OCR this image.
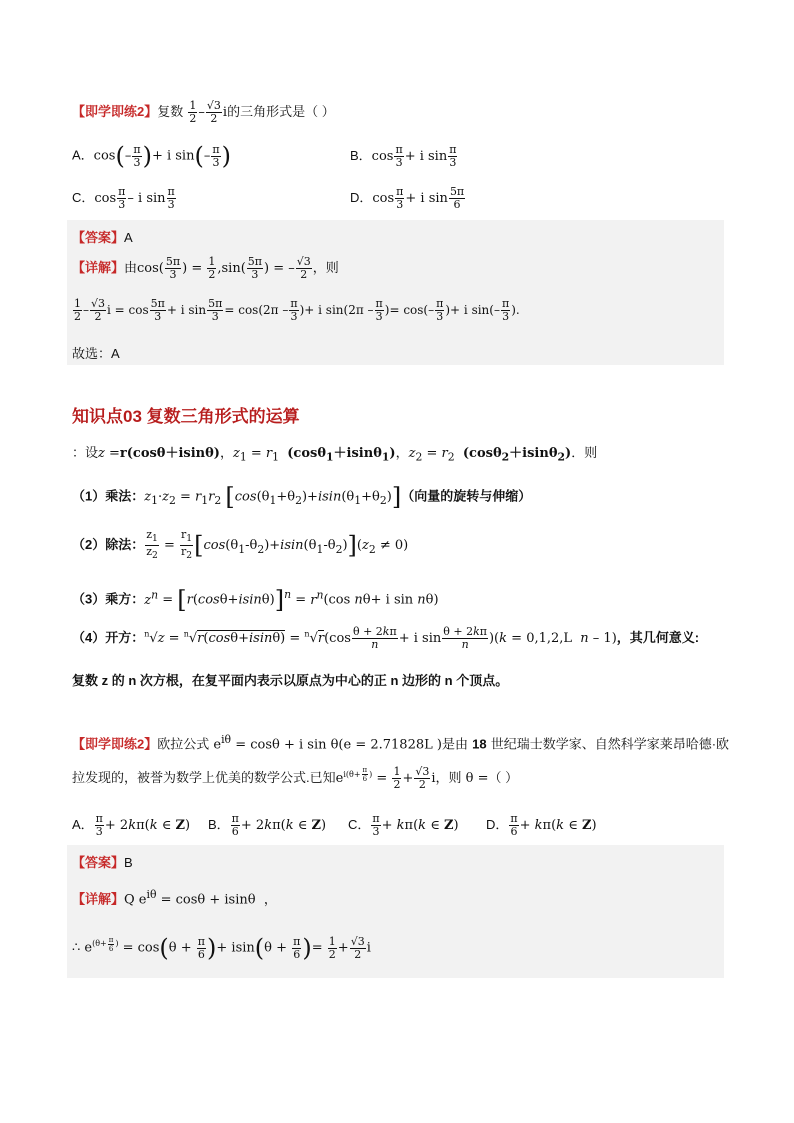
【即学即练2】复数 $\frac{1}{2} - \frac{√3}{2}$ i的三角形式是（ ）
A．$\cos(- \frac{\pi}{3}$ )+ i $\sin(- \frac{\pi}{3}$ )	B．$\cos \frac{\pi}{3} + i$ $\sin \frac{\pi}{3}$
C．$\cos \frac{\pi}{3}$ – i $\sin \frac{\pi}{3}$	D．$\cos \frac{\pi}{3} + i$ $\sin \frac{5\pi}{6}$
【答案】A
【详解】由$\cos( \frac{5\pi}{3}$ ) = $\frac{1}{2} ,\sin( \frac{5\pi}{3}$ ) = – $\frac{√3}{2}$ ，则
$\frac{1}{2} - \frac{√3}{2}$ $i = \cos \frac{5\pi}{3} + i$ $\sin \frac{5\pi}{3} = \cos(2\pi - \frac{\pi}{3}$ )+ i $\sin(2\pi - \frac{\pi}{3}$ )= $\cos(- \frac{\pi}{3}$ )+ i $\sin(- \frac{\pi}{3}$ ).
故选：A
知识点03 复数三角形式的运算
：设z =r(cosθ＋isinθ)，$z_1 = r_1$ (cosθ$_1$＋isinθ$_1$)，$z_2 = r_2$ (cosθ$_2$＋isinθ$_2$)．则
（1）乘法：$z_1\cdot z_2 = r_1r_2$ $[\cos(\theta_1+\theta_2)+isin(\theta_1+\theta_2)]$（向量的旋转与伸缩）
（2）除法： $\frac{z_1}{z_2} = \frac{r_1}{r_2} [\cos(\theta_1-\theta_2)+isin(\theta_1-\theta_2)](z_2 \ne 0)$
（3）乘方：$z^n = [r(\cos\theta+isin\theta)]^n = r^n(\cos$ nθ+ i sin nθ)
（4）开方：$^n√z = ^n√r(\cos\theta+isin\theta) = ^n√r(\cos \frac{\theta + 2k\pi}{n} + i$ $\sin \frac{\theta + 2k\pi}{n} )(k = 0,1,2,L$  n – 1)，其几何意义:
复数 z 的 n 次方根，在复平面内表示以原点为中心的正 n 边形的 n 个顶点。
【即学即练2】欧拉公式 $e^{i\theta} = \cos\theta + i$ sin θ(e = 2.71828L )是由 18 世纪瑞士数学家、自然科学家莱昂哈德·欧
拉发现的，被誉为数学上优美的数学公式.已知$e^{i(\theta+ \frac{\pi}{6} )} = \frac{1}{2} + \frac{√3}{2}$ i，则 θ =（ ）
A． $\frac{\pi}{3} + 2k\pi(k$ ∈ Z) B． $\frac{\pi}{6} + 2k\pi(k$ ∈ Z) C． $\frac{\pi}{3} + k\pi(k$ ∈ Z) D． $\frac{\pi}{6} + k\pi(k$ ∈ Z)
【答案】B
【详解】Q $e^{i\theta} = \cos\theta + isin\theta$  ，
∴ $e^{(\theta+ \frac{\pi}{6} )} = \cos(\theta + \frac{\pi}{6}$ )+ $isin(\theta + \frac{\pi}{6}$ )= $\frac{1}{2} + \frac{√3}{2}$ i
